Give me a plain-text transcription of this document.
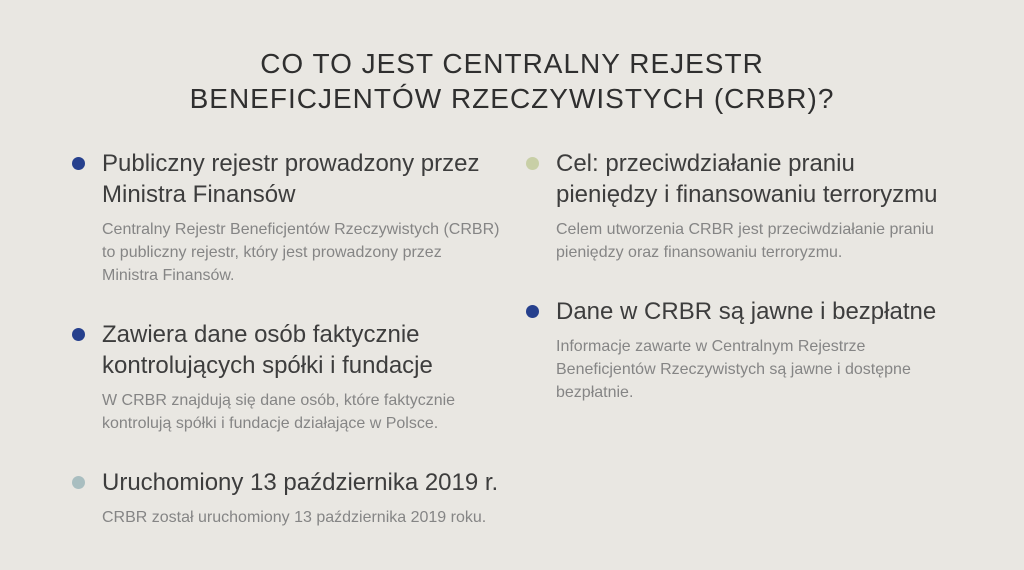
CO TO JEST CENTRALNY REJESTR
BENEFICJENTÓW RZECZYWISTYCH (CRBR)?
Publiczny rejestr prowadzony przez Ministra Finansów

Centralny Rejestr Beneficjentów Rzeczywistych (CRBR) to publiczny rejestr, który jest prowadzony przez Ministra Finansów.

Zawiera dane osób faktycznie kontrolujących spółki i fundacje

W CRBR znajdują się dane osób, które faktycznie kontrolują spółki i fundacje działające w Polsce.

Uruchomiony 13 października 2019 r.

CRBR został uruchomiony 13 października 2019 roku.

Cel: przeciwdziałanie praniu pieniędzy i finansowaniu terroryzmu

Celem utworzenia CRBR jest przeciwdziałanie praniu pieniędzy oraz finansowaniu terroryzmu.

Dane w CRBR są jawne i bezpłatne

Informacje zawarte w Centralnym Rejestrze Beneficjentów Rzeczywistych są jawne i dostępne bezpłatnie.
